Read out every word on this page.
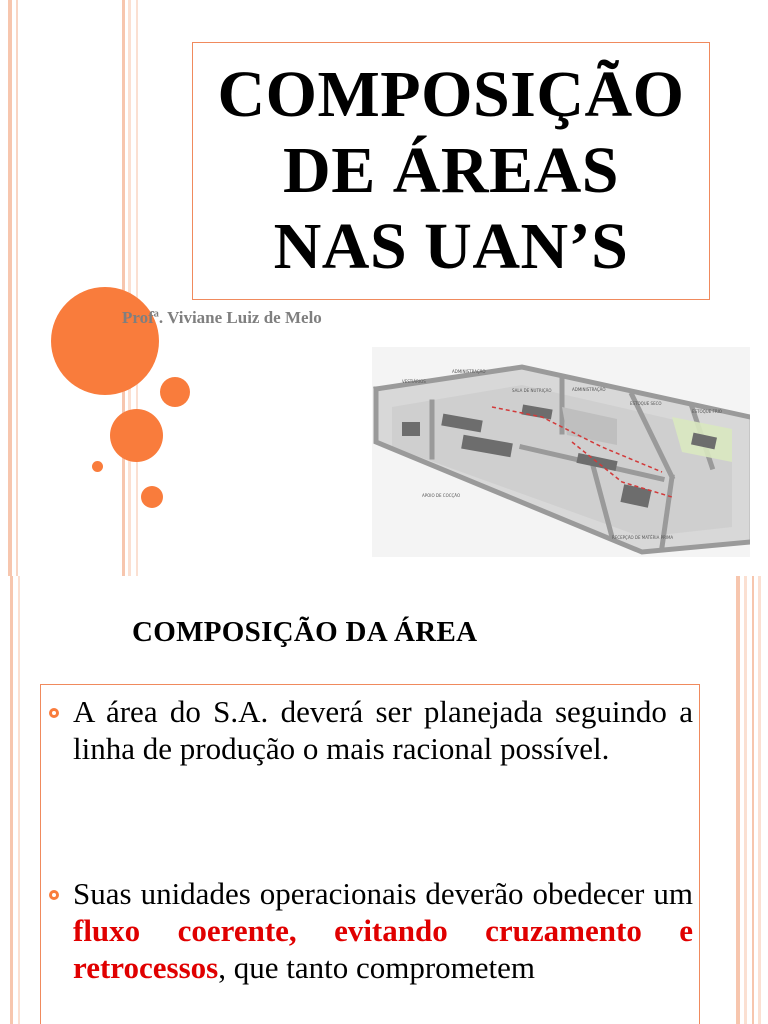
COMPOSIÇÃO
DE ÁREAS
NAS UAN’S
Profª. Viviane Luiz de Melo
VESTIÁRIOS
ADMINISTRAÇÃO
SALA DE NUTRIÇÃO	ADMINISTRAÇÃO
ESTOQUE SECO
ESTOQUE FRIO
APOIO DE COCÇÃO
RECEPÇÃO DE MATÉRIA PRIMA
COMPOSIÇÃO DA ÁREA
A área do S.A. deverá ser planejada seguindo a linha de produção o mais racional possível.
Suas unidades operacionais deverão obedecer um fluxo coerente, evitando cruzamento e retrocessos, que tanto comprometem
